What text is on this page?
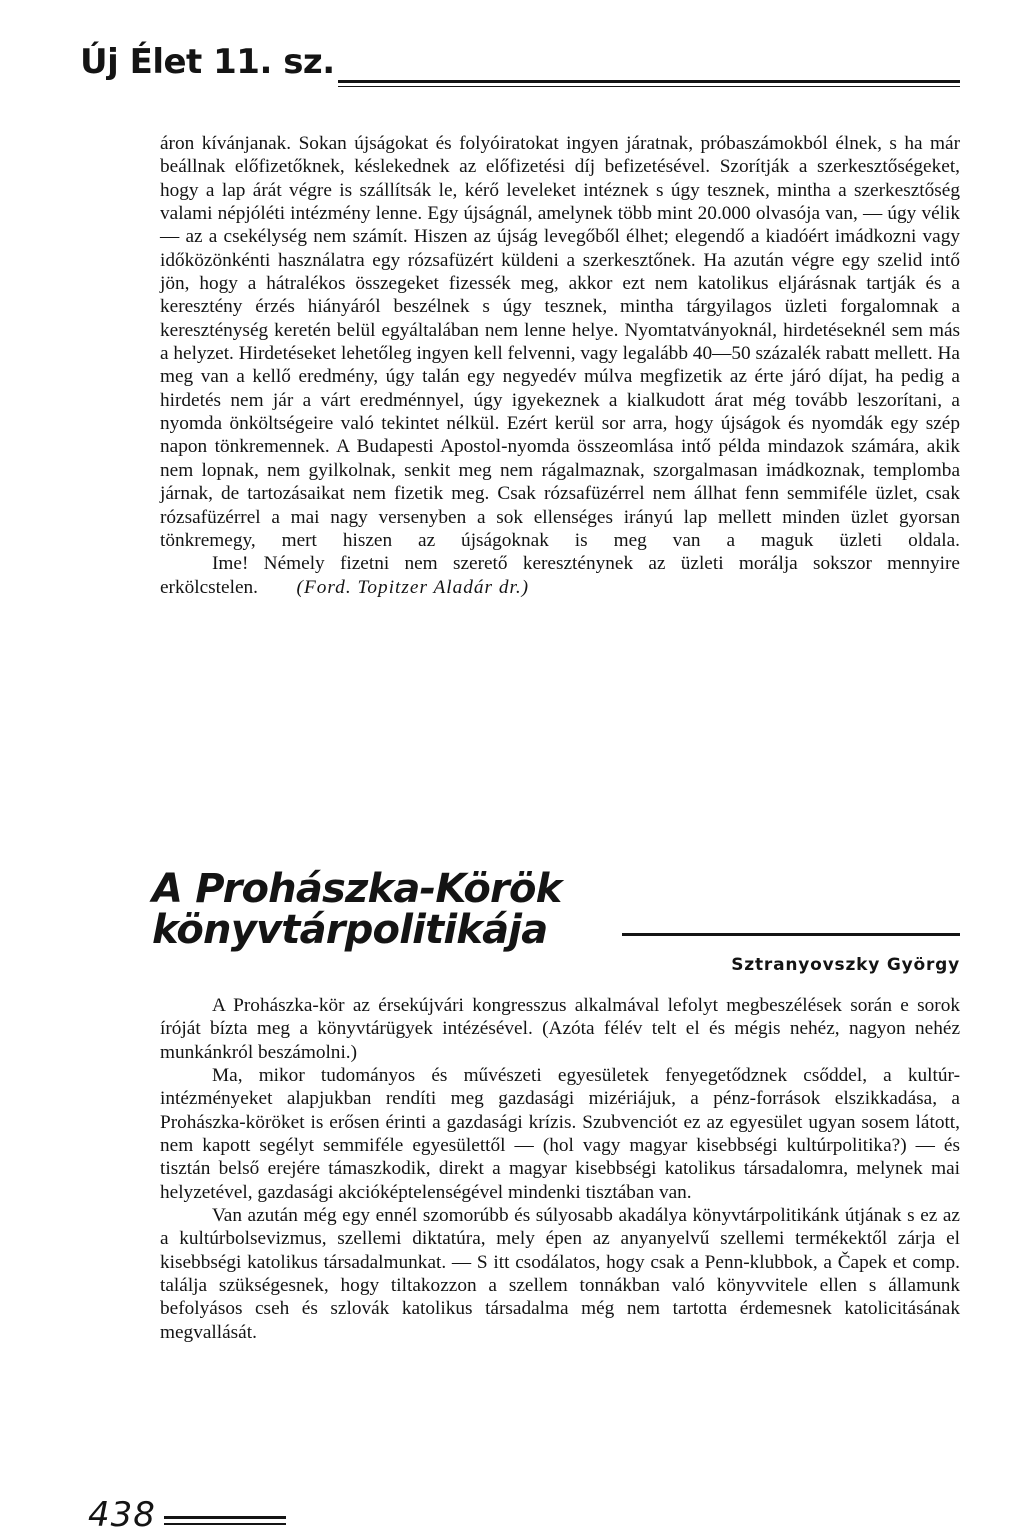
Új Élet 11. sz.

áron kívánjanak. Sokan újságokat és folyóiratokat ingyen járatnak, próbaszámokból élnek, s ha már beállnak előfizetőknek, késlekednek az előfizetési díj befizetésével. Szorítják a szerkesztőségeket, hogy a lap árát végre is szállítsák le, kérő leveleket intéznek s úgy tesznek, mintha a szerkesztőség valami népjóléti intézmény lenne. Egy újságnál, amelynek több mint 20.000 olvasója van, — úgy vélik — az a csekélység nem számít. Hiszen az újság levegőből élhet; elegendő a kiadóért imádkozni vagy időközönkénti használatra egy rózsafüzért küldeni a szerkesztőnek. Ha azután végre egy szelid intő jön, hogy a hátralékos összegeket fizessék meg, akkor ezt nem katolikus eljárásnak tartják és a keresztény érzés hiányáról beszélnek s úgy tesznek, mintha tárgyilagos üzleti forgalomnak a kereszténység keretén belül egyáltalában nem lenne helye. Nyomtatványoknál, hirdetéseknél sem más a helyzet. Hirdetéseket lehetőleg ingyen kell felvenni, vagy legalább 40—50 százalék rabatt mellett. Ha meg van a kellő eredmény, úgy talán egy negyedév múlva megfizetik az érte járó díjat, ha pedig a hirdetés nem jár a várt eredménnyel, úgy igyekeznek a kialkudott árat még tovább leszorítani, a nyomda önköltségeire való tekintet nélkül. Ezért kerül sor arra, hogy újságok és nyomdák egy szép napon tönkremennek. A Budapesti Apostol-nyomda összeomlása intő példa mindazok számára, akik nem lopnak, nem gyilkolnak, senkit meg nem rágalmaznak, szorgalmasan imádkoznak, templomba járnak, de tartozásaikat nem fizetik meg. Csak rózsafüzérrel nem állhat fenn semmiféle üzlet, csak rózsafüzérrel a mai nagy versenyben a sok ellenséges irányú lap mellett minden üzlet gyorsan tönkremegy, mert hiszen az újságoknak is meg van a maguk üzleti oldala.

Ime! Némely fizetni nem szerető kereszténynek az üzleti morálja sokszor mennyire erkölcstelen. (Ford. Topitzer Aladár dr.)

A Prohászka-Körök
könyvtárpolitikája
Sztranyovszky György

A Prohászka-kör az érsekújvári kongresszus alkalmával lefolyt megbeszélések során e sorok íróját bízta meg a könyvtárügyek intézésével. (Azóta félév telt el és mégis nehéz, nagyon nehéz munkánkról beszámolni.)

Ma, mikor tudományos és művészeti egyesületek fenyegetődznek csőddel, a kultúr-intézményeket alapjukban rendíti meg gazdasági mizériájuk, a pénz-források elszikkadása, a Prohászka-köröket is erősen érinti a gazdasági krízis. Szubvenciót ez az egyesület ugyan sosem látott, nem kapott segélyt semmiféle egyesülettől — (hol vagy magyar kisebbségi kultúrpolitika?) — és tisztán belső erejére támaszkodik, direkt a magyar kisebbségi katolikus társadalomra, melynek mai helyzetével, gazdasági akcióképtelenségével mindenki tisztában van.

Van azután még egy ennél szomorúbb és súlyosabb akadálya könyvtárpolitikánk útjának s ez az a kultúrbolsevizmus, szellemi diktatúra, mely épen az anyanyelvű szellemi termékektől zárja el kisebbségi katolikus társadalmunkat. — S itt csodálatos, hogy csak a Penn-klubbok, a Čapek et comp. találja szükségesnek, hogy tiltakozzon a szellem tonnákban való könyvvitele ellen s államunk befolyásos cseh és szlovák katolikus társadalma még nem tartotta érdemesnek katolicitásának megvallását.

438
